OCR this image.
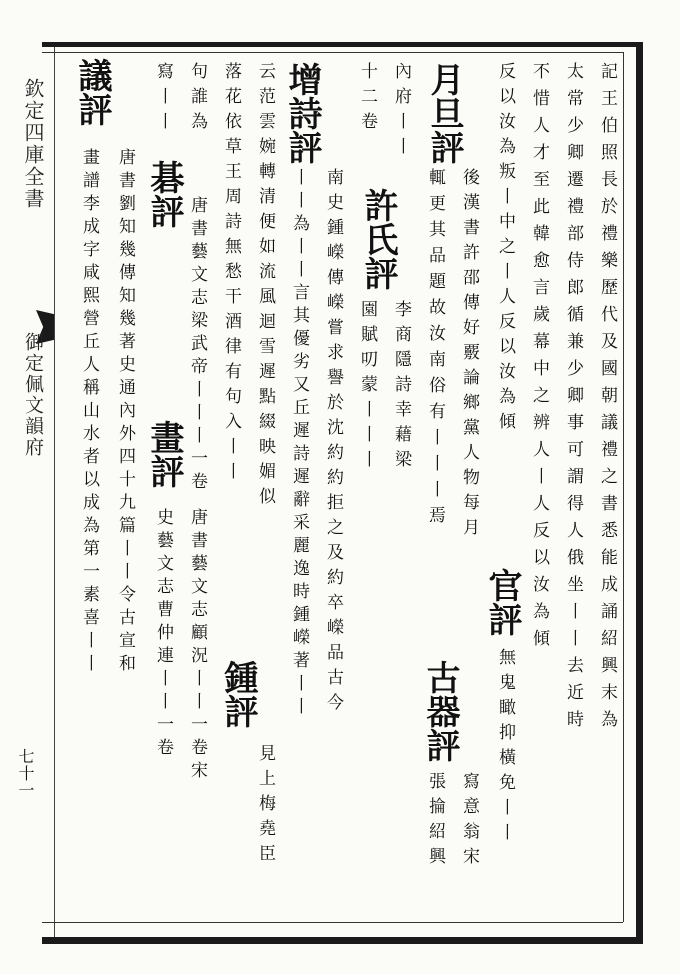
欽定四庫全書
御定佩文韻府
七十一
記王伯照長於禮樂歷代及國朝議禮之書悉能成誦紹興末為
太常少卿遷禮部侍郎循兼少卿事可謂得人俄坐丨丨去近時
不惜人才至此韓愈言歲幕中之辨人丨人反以汝為傾
反以汝為叛丨中之丨人反以汝為傾
官評
無鬼瞰抑橫免丨丨
月旦評
後漢書許邵傳好覈論鄉黨人物每月
輒更其品題故汝南俗有丨丨丨焉
古器評
寫意翁宋
張掄紹興
內府丨丨
許氏評
李商隱詩幸藉梁
十二卷
園賦叨蒙丨丨丨
增詩評
南史鍾嶸傳嶸嘗求譽於沈約約拒之及約卒嶸品古今
丨丨為丨丨言其優劣又丘遲詩遲辭采麗逸時鍾嶸著丨丨
云范雲婉轉清便如流風迴雪遲點綴映媚似
鍾評
見上梅堯臣
落花依草王周詩無愁干酒律有句入丨丨
句誰為
碁評
唐書藝文志梁武帝丨丨丨一卷
畫評
唐書藝文志顧況丨丨一卷宋
寫丨丨
史藝文志曹仲連丨丨一卷
議評
唐書劉知幾傳知幾著史通內外四十九篇丨丨令古宣和
畫譜李成字咸熙營丘人稱山水者以成為第一素喜丨丨
